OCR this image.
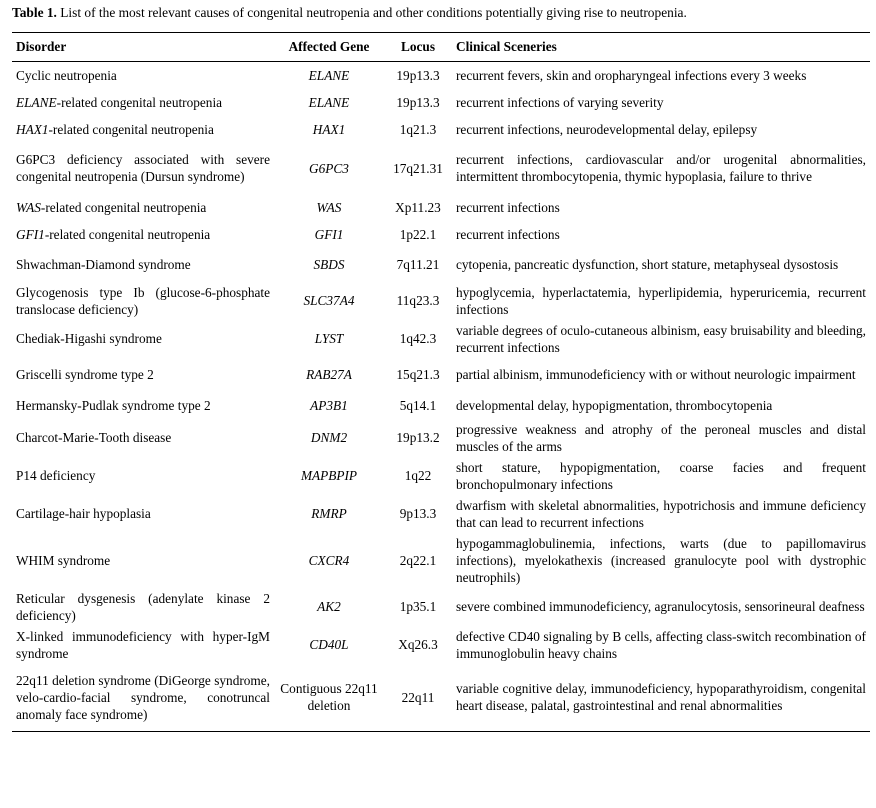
Table 1. List of the most relevant causes of congenital neutropenia and other conditions potentially giving rise to neutropenia.
Disorder	Affected Gene	Locus	Clinical Sceneries
Cyclic neutropenia	ELANE	19p13.3	recurrent fevers, skin and oropharyngeal infections every 3 weeks
ELANE-related congenital neutropenia	ELANE	19p13.3	recurrent infections of varying severity
HAX1-related congenital neutropenia	HAX1	1q21.3	recurrent infections, neurodevelopmental delay, epilepsy
G6PC3 deficiency associated with severe congenital neutropenia (Dursun syndrome)	G6PC3	17q21.31	recurrent infections, cardiovascular and/or urogenital abnormalities, intermittent thrombocytopenia, thymic hypoplasia, failure to thrive
WAS-related congenital neutropenia	WAS	Xp11.23	recurrent infections
GFI1-related congenital neutropenia	GFI1	1p22.1	recurrent infections
Shwachman-Diamond syndrome	SBDS	7q11.21	cytopenia, pancreatic dysfunction, short stature, metaphyseal dysostosis
Glycogenosis type Ib (glucose-6-phosphate translocase deficiency)	SLC37A4	11q23.3	hypoglycemia, hyperlactatemia, hyperlipidemia, hyperuricemia, recurrent infections
Chediak-Higashi syndrome	LYST	1q42.3	variable degrees of oculo-cutaneous albinism, easy bruisability and bleeding, recurrent infections
Griscelli syndrome type 2	RAB27A	15q21.3	partial albinism, immunodeficiency with or without neurologic impairment
Hermansky-Pudlak syndrome type 2	AP3B1	5q14.1	developmental delay, hypopigmentation, thrombocytopenia
Charcot-Marie-Tooth disease	DNM2	19p13.2	progressive weakness and atrophy of the peroneal muscles and distal muscles of the arms
P14 deficiency	MAPBPIP	1q22	short stature, hypopigmentation, coarse facies and frequent bronchopulmonary infections
Cartilage-hair hypoplasia	RMRP	9p13.3	dwarfism with skeletal abnormalities, hypotrichosis and immune deficiency that can lead to recurrent infections
WHIM syndrome	CXCR4	2q22.1	hypogammaglobulinemia, infections, warts (due to papillomavirus infections), myelokathexis (increased granulocyte pool with dystrophic neutrophils)
Reticular dysgenesis (adenylate kinase 2 deficiency)	AK2	1p35.1	severe combined immunodeficiency, agranulocytosis, sensorineural deafness
X-linked immunodeficiency with hyper-IgM syndrome	CD40L	Xq26.3	defective CD40 signaling by B cells, affecting class-switch recombination of immunoglobulin heavy chains
22q11 deletion syndrome (DiGeorge syndrome, velo-cardio-facial syndrome, conotruncal anomaly face syndrome)	Contiguous 22q11 deletion	22q11	variable cognitive delay, immunodeficiency, hypoparathyroidism, congenital heart disease, palatal, gastrointestinal and renal abnormalities
